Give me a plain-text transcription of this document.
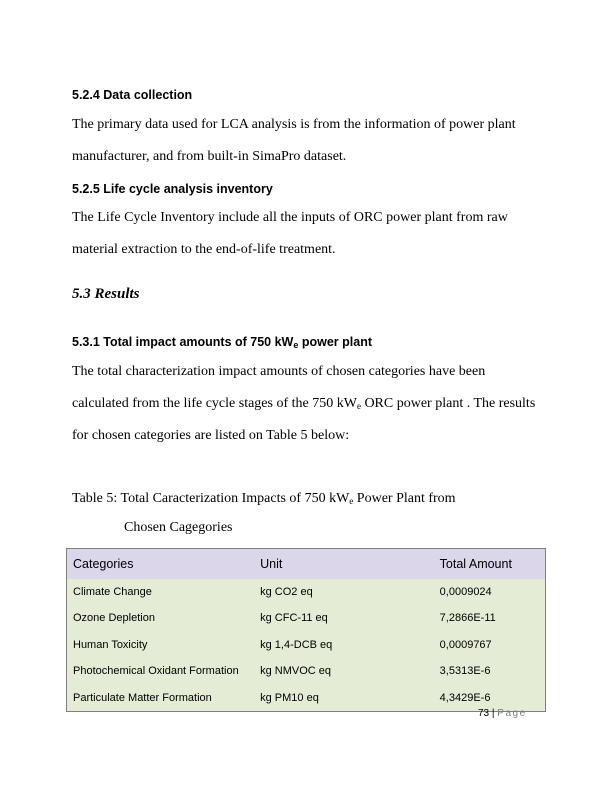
5.2.4 Data collection
The primary data used for LCA analysis is from the information of power plant
manufacturer, and from built-in SimaPro dataset.
5.2.5 Life cycle analysis inventory
The Life Cycle Inventory include all the inputs of ORC power plant from raw
material extraction to the end-of-life treatment.
5.3 Results
5.3.1 Total impact amounts of 750 $kW_e$ power plant
The total characterization impact amounts of chosen categories have been
calculated from the life cycle stages of the 750 $kW_e$ ORC power plant . The results
for chosen categories are listed on Table 5 below:
Table 5: Total Caracterization Impacts of 750 $kW_e$ Power Plant from
Chosen Cagegories
Categories	Unit	Total Amount
Climate Change	kg CO2 eq	0,0009024
Ozone Depletion	kg CFC-11 eq	7,2866E-11
Human Toxicity	kg 1,4-DCB eq	0,0009767
Photochemical Oxidant Formation	kg NMVOC eq	3,5313E-6
Particulate Matter Formation	kg PM10 eq	4,3429E-6
73 | Page
